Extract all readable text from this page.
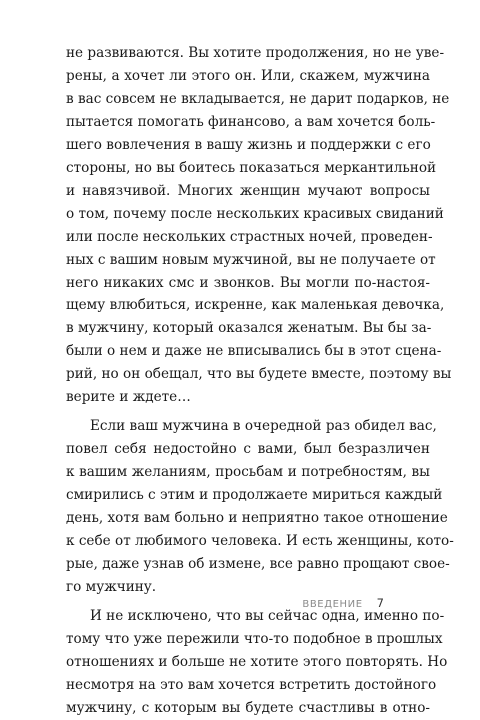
не развиваются. Вы хотите продолжения, но не уве-
рены, а хочет ли этого он. Или, скажем, мужчина
в вас совсем не вкладывается, не дарит подарков, не
пытается помогать финансово, а вам хочется боль-
шего вовлечения в вашу жизнь и поддержки с его
стороны, но вы боитесь показаться меркантильной
и навязчивой. Многих женщин мучают вопросы
о том, почему после нескольких красивых свиданий
или после нескольких страстных ночей, проведен-
ных с вашим новым мужчиной, вы не получаете от
него никаких смс и звонков. Вы могли по-настоя-
щему влюбиться, искренне, как маленькая девочка,
в мужчину, который оказался женатым. Вы бы за-
были о нем и даже не вписывались бы в этот сцена-
рий, но он обещал, что вы будете вместе, поэтому вы
верите и ждете…

Если ваш мужчина в очередной раз обидел вас,
повел себя недостойно с вами, был безразличен
к вашим желаниям, просьбам и потребностям, вы
смирились с этим и продолжаете мириться каждый
день, хотя вам больно и неприятно такое отношение
к себе от любимого человека. И есть женщины, кото-
рые, даже узнав об измене, все равно прощают свое-
го мужчину.

И не исключено, что вы сейчас одна, именно по-
тому что уже пережили что-то подобное в прошлых
отношениях и больше не хотите этого повторять. Но
несмотря на это вам хочется встретить достойного
мужчину, с которым вы будете счастливы в отно-

ВВЕДЕНИЕ 7
